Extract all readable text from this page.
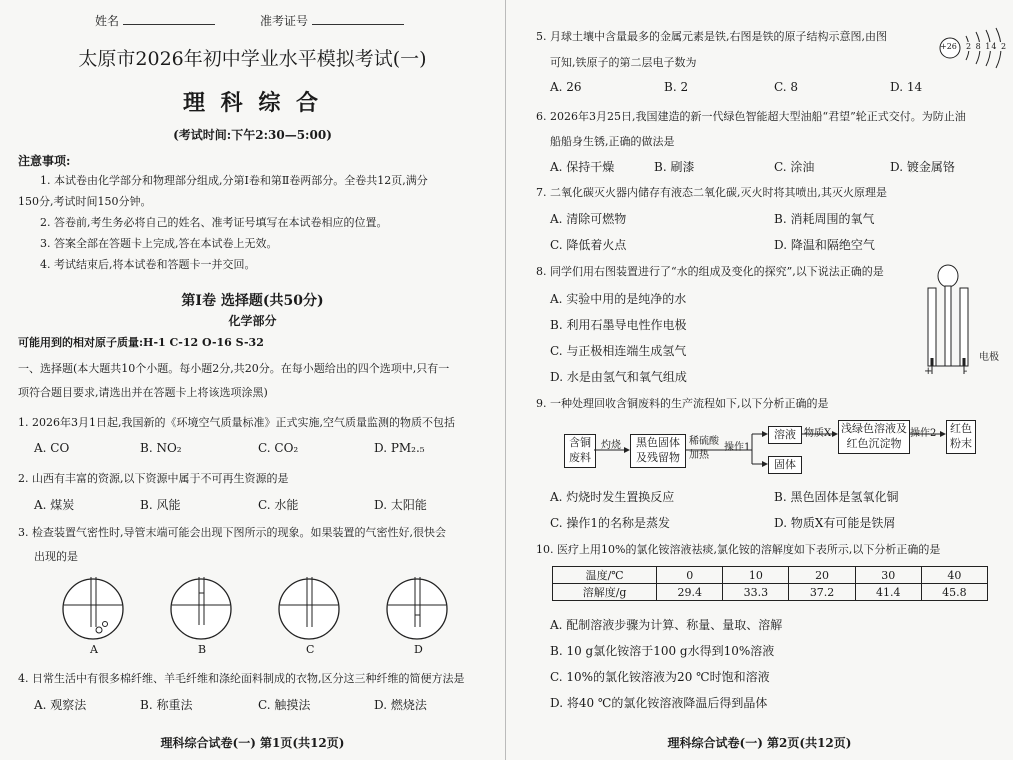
姓名	准考证号
太原市2026年初中学业水平模拟考试(一)
理 科 综 合
(考试时间:下午2:30—5:00)
注意事项:
1. 本试卷由化学部分和物理部分组成,分第Ⅰ卷和第Ⅱ卷两部分。全卷共12页,满分
150分,考试时间150分钟。
2. 答卷前,考生务必将自己的姓名、准考证号填写在本试卷相应的位置。
3. 答案全部在答题卡上完成,答在本试卷上无效。
4. 考试结束后,将本试卷和答题卡一并交回。
第Ⅰ卷 选择题(共50分)
化学部分
可能用到的相对原子质量:H-1 C-12 O-16 S-32
一、选择题(本大题共10个小题。每小题2分,共20分。在每小题给出的四个选项中,只有一
项符合题目要求,请选出并在答题卡上将该选项涂黑)
1. 2026年3月1日起,我国新的《环境空气质量标准》正式实施,空气质量监测的物质不包括
A. CO	B. NO₂	C. CO₂	D. PM₂.₅
2. 山西有丰富的资源,以下资源中属于不可再生资源的是
A. 煤炭	B. 风能	C. 水能	D. 太阳能
3. 检查装置气密性时,导管末端可能会出现下图所示的现象。如果装置的气密性好,很快会
出现的是
A	B	C	D
4. 日常生活中有很多棉纤维、羊毛纤维和涤纶面料制成的衣物,区分这三种纤维的简便方法是
A. 观察法	B. 称重法	C. 触摸法	D. 燃烧法
理科综合试卷(一) 第1页(共12页)
5. 月球土壤中含量最多的金属元素是铁,右图是铁的原子结构示意图,由图
可知,铁原子的第二层电子数为
+26 2 8 14 2
A. 26	B. 2	C. 8	D. 14
6. 2026年3月25日,我国建造的新一代绿色智能超大型油船“君望”轮正式交付。为防止油
船船身生锈,正确的做法是
A. 保持干燥	B. 刷漆	C. 涂油	D. 镀金属铬
7. 二氧化碳灭火器内储存有液态二氧化碳,灭火时将其喷出,其灭火原理是
A. 清除可燃物	B. 消耗周围的氧气
C. 降低着火点	D. 降温和隔绝空气
8. 同学们用右图装置进行了“水的组成及变化的探究”,以下说法正确的是
A. 实验中用的是纯净的水
B. 利用石墨导电性作电极
C. 与正极相连端生成氢气
D. 水是由氢气和氧气组成
电极
+	-
9. 一种处理回收含铜废料的生产流程如下,以下分析正确的是
含铜
废料
灼烧	黑色固体
及残留物
稀硫酸
加热
操作1
溶液
固体
物质X 浅绿色溶液及
红色沉淀物
操作2 红色
粉末
A. 灼烧时发生置换反应	B. 黑色固体是氢氧化铜
C. 操作1的名称是蒸发	D. 物质X有可能是铁屑
10. 医疗上用10%的氯化铵溶液祛痰,氯化铵的溶解度如下表所示,以下分析正确的是
温度/℃	0	10	20	30	40
溶解度/g	29.4	33.3	37.2	41.4	45.8
A. 配制溶液步骤为计算、称量、量取、溶解
B. 10 g氯化铵溶于100 g水得到10%溶液
C. 10%的氯化铵溶液为20 ℃时饱和溶液
D. 将40 ℃的氯化铵溶液降温后得到晶体
理科综合试卷(一) 第2页(共12页)
